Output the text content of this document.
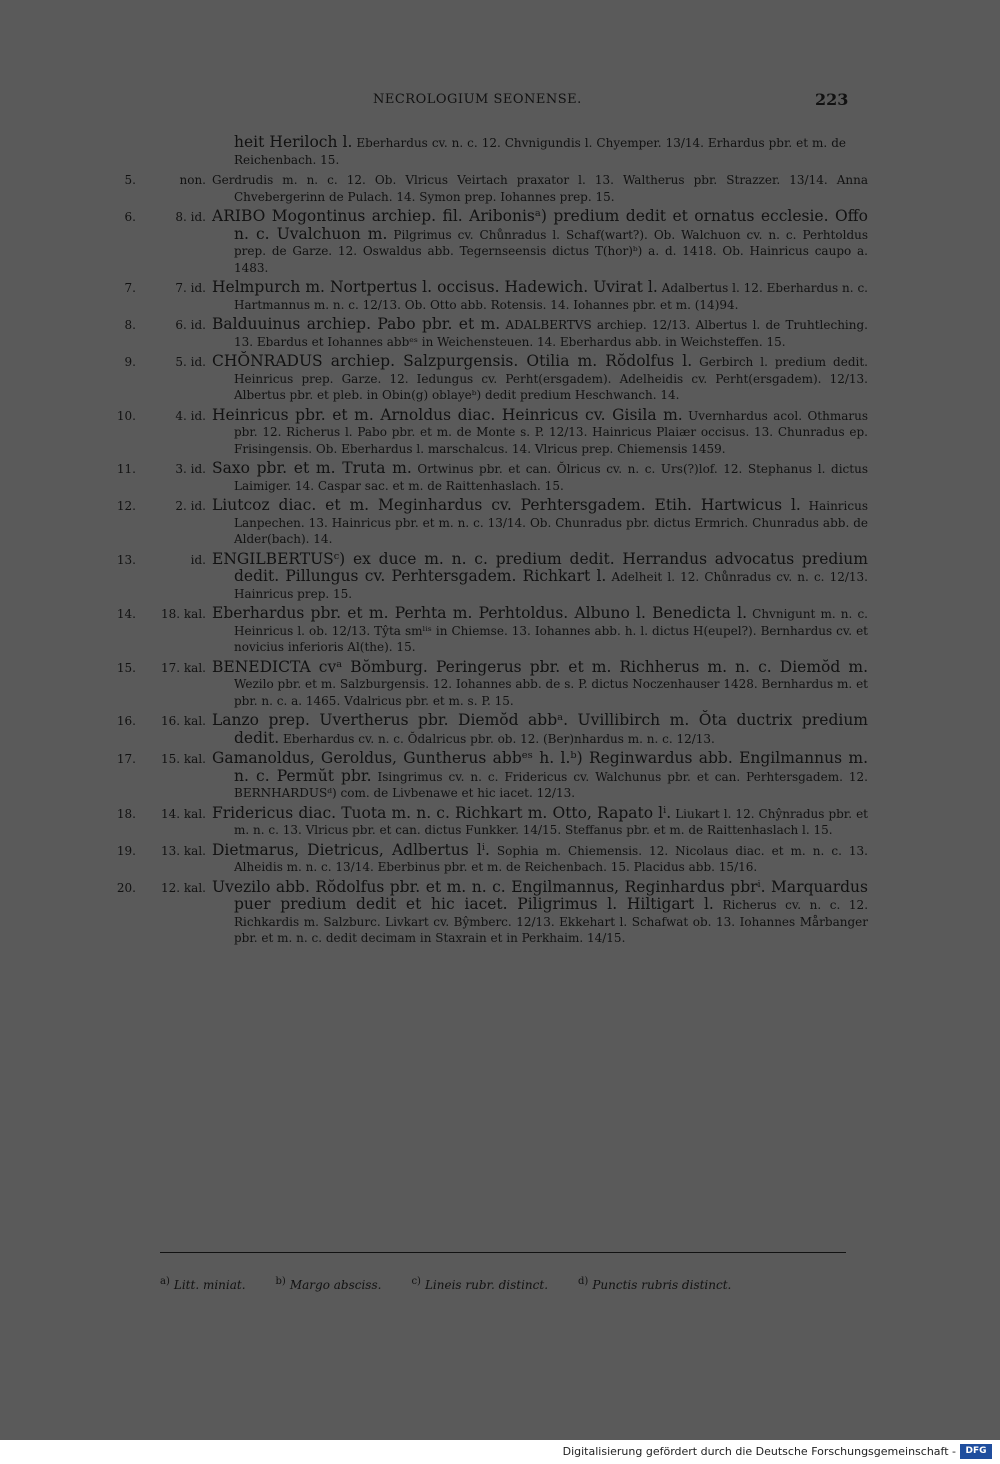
NECROLOGIUM SEONENSE.	223
heit Heriloch l. Eberhardus cv. n. c. 12. Chvnigundis l. Chyemper. 13/14. Erhardus pbr. et m. de Reichenbach. 15.
5.	non. Gerdrudis m. n. c. 12. Ob. Vlricus Veirtach praxator l. 13. Waltherus pbr. Strazzer. 13/14. Anna Chvebergerinn de Pulach. 14. Symon prep. Iohannes prep. 15.
6.	8. id. ARIBO Mogontinus archiep. fil. Aribonisᵃ) predium dedit et ornatus ecclesie. Offo n. c. Uvalchuon m. Pilgrimus cv. Chůnradus l. Schaf(wart?). Ob. Walchuon cv. n. c. Perhtoldus prep. de Garze. 12. Oswaldus abb. Tegernseensis dictus T(hor)ᵇ) a. d. 1418. Ob. Hainricus caupo a. 1483.
7.	7. id. Helmpurch m. Nortpertus l. occisus. Hadewich. Uvirat l. Adalbertus l. 12. Eberhardus n. c. Hartmannus m. n. c. 12/13. Ob. Otto abb. Rotensis. 14. Iohannes pbr. et m. (14)94.
8.	6. id. Balduuinus archiep. Pabo pbr. et m. ADALBERTVS archiep. 12/13. Albertus l. de Truhtleching. 13. Ebardus et Iohannes abbᵉˢ in Weichensteuen. 14. Eberhardus abb. in Weichsteffen. 15.
9.	5. id. CHŎNRADUS archiep. Salzpurgensis. Otilia m. Rŏdolfus l. Gerbirch l. predium dedit. Heinricus prep. Garze. 12. Iedungus cv. Perht(ersgadem). Adelheidis cv. Perht(ersgadem). 12/13. Albertus pbr. et pleb. in Obin(g) oblayeᵇ) dedit predium Heschwanch. 14.
10.	4. id. Heinricus pbr. et m. Arnoldus diac. Heinricus cv. Gisila m. Uvernhardus acol. Othmarus pbr. 12. Richerus l. Pabo pbr. et m. de Monte s. P. 12/13. Hainricus Plaiær occisus. 13. Chunradus ep. Frisingensis. Ob. Eberhardus l. marschalcus. 14. Vlricus prep. Chiemensis 1459.
11.	3. id. Saxo pbr. et m. Truta m. Ortwinus pbr. et can. Ŏlricus cv. n. c. Urs(?)lof. 12. Stephanus l. dictus Laimiger. 14. Caspar sac. et m. de Raittenhaslach. 15.
12.	2. id. Liutcoz diac. et m. Meginhardus cv. Perhtersgadem. Etih. Hartwicus l. Hainricus Lanpechen. 13. Hainricus pbr. et m. n. c. 13/14. Ob. Chunradus pbr. dictus Ermrich. Chunradus abb. de Alder(bach). 14.
13.	id. ENGILBERTUSᶜ) ex duce m. n. c. predium dedit. Herrandus advocatus predium dedit. Pillungus cv. Perhtersgadem. Richkart l. Adelheit l. 12. Chůnradus cv. n. c. 12/13. Hainricus prep. 15.
14.	18. kal. Eberhardus pbr. et m. Perhta m. Perhtoldus. Albuno l. Benedicta l. Chvnigunt m. n. c. Heinricus l. ob. 12/13. Tŷta smˡⁱˢ in Chiemse. 13. Iohannes abb. h. l. dictus H(eupel?). Bernhardus cv. et novicius inferioris Al(the). 15.
15.	17. kal. BENEDICTA cvᵃ Bŏmburg. Peringerus pbr. et m. Richherus m. n. c. Diemŏd m. Wezilo pbr. et m. Salzburgensis. 12. Iohannes abb. de s. P. dictus Noczenhauser 1428. Bernhardus m. et pbr. n. c. a. 1465. Vdalricus pbr. et m. s. P. 15.
16.	16. kal. Lanzo prep. Uvertherus pbr. Diemŏd abbᵃ. Uvillibirch m. Ŏta ductrix predium dedit. Eberhardus cv. n. c. Ŏdalricus pbr. ob. 12. (Ber)nhardus m. n. c. 12/13.
17.	15. kal. Gamanoldus, Geroldus, Guntherus abbᵉˢ h. l.ᵇ) Reginwardus abb. Engilmannus m. n. c. Permŭt pbr. Isingrimus cv. n. c. Fridericus cv. Walchunus pbr. et can. Perhtersgadem. 12. BERNHARDUSᵈ) com. de Livbenawe et hic iacet. 12/13.
18.	14. kal. Fridericus diac. Tuota m. n. c. Richkart m. Otto, Rapato lⁱ. Liukart l. 12. Chŷnradus pbr. et m. n. c. 13. Vlricus pbr. et can. dictus Funkker. 14/15. Steffanus pbr. et m. de Raittenhaslach l. 15.
19.	13. kal. Dietmarus, Dietricus, Adlbertus lⁱ. Sophia m. Chiemensis. 12. Nicolaus diac. et m. n. c. 13. Alheidis m. n. c. 13/14. Eberbinus pbr. et m. de Reichenbach. 15. Placidus abb. 15/16.
20.	12. kal. Uvezilo abb. Rŏdolfus pbr. et m. n. c. Engilmannus, Reginhardus pbrⁱ. Marquardus puer predium dedit et hic iacet. Piligrimus l. Hiltigart l. Richerus cv. n. c. 12. Richkardis m. Salzburc. Livkart cv. Bŷmberc. 12/13. Ekkehart l. Schafwat ob. 13. Iohannes Mårbanger pbr. et m. n. c. dedit decimam in Staxrain et in Perkhaim. 14/15.
$^{a)}$ Litt. miniat.	$^{b)}$ Margo absciss.	$^{c)}$ Lineis rubr. distinct.	$^{d)}$ Punctis rubris distinct.
Digitalisierung gefördert durch die Deutsche Forschungsgemeinschaft -	DFG
